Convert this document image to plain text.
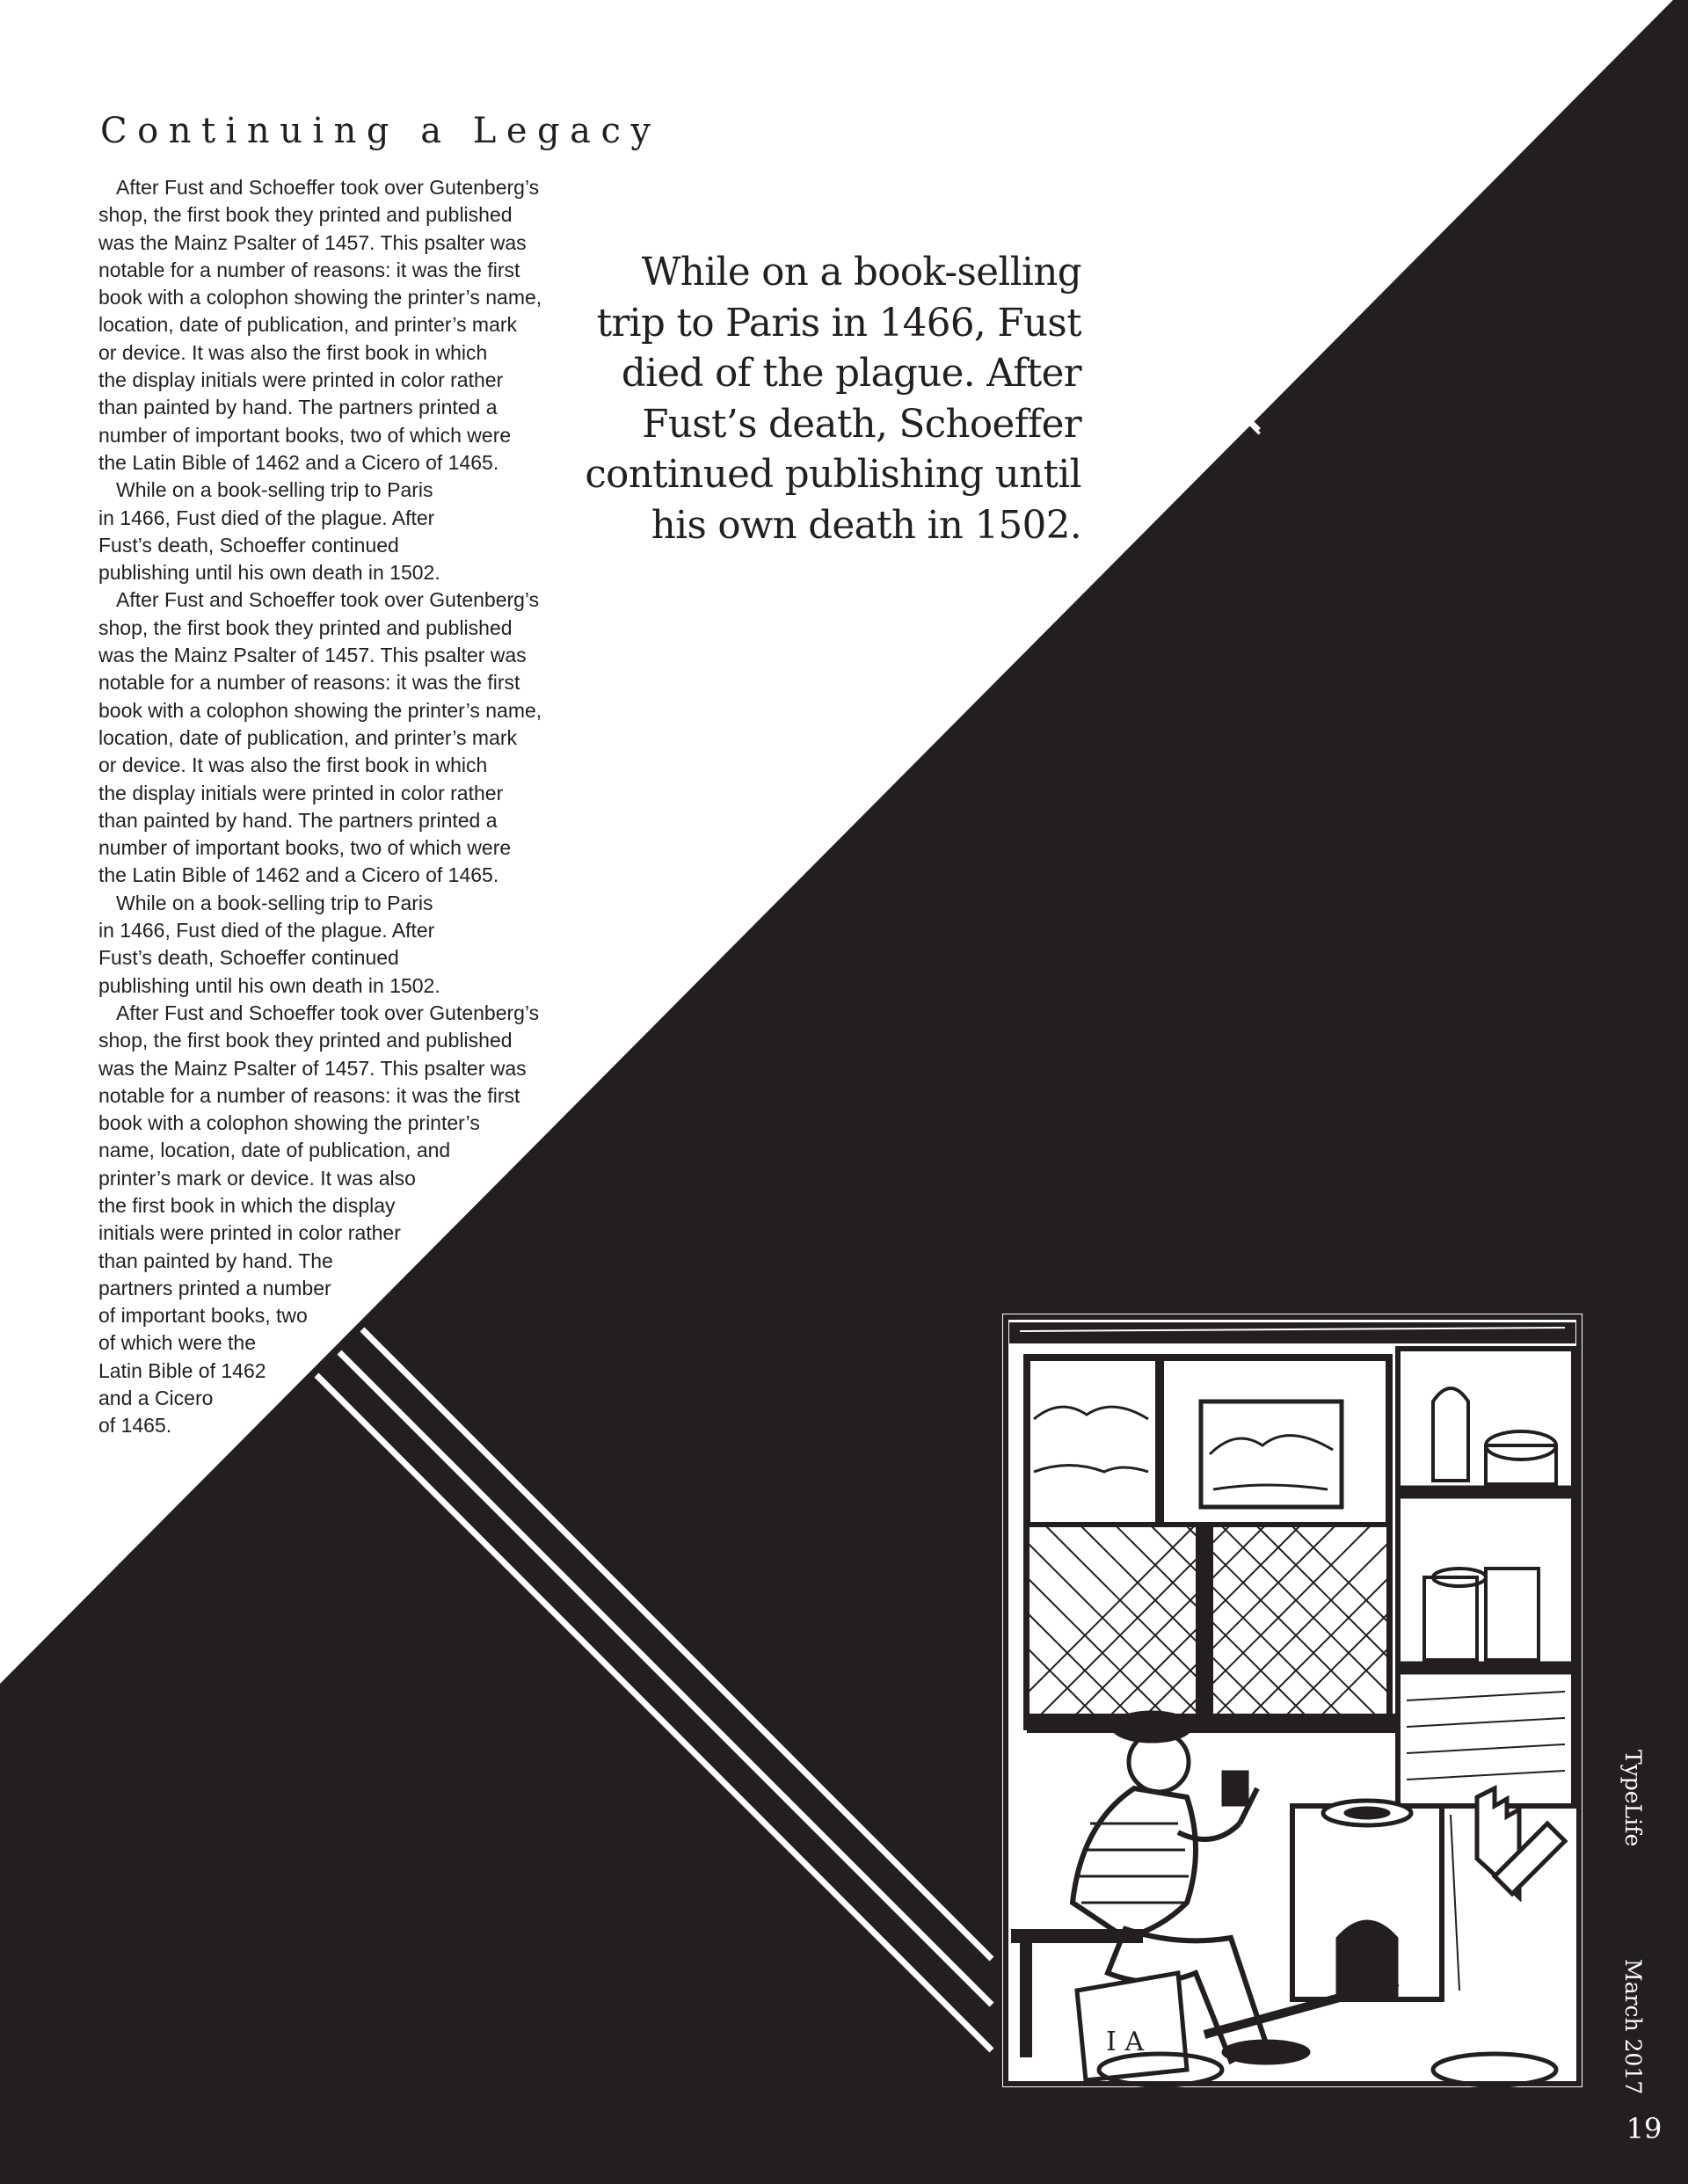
Continuing a Legacy
After Fust and Schoeffer took over Gutenberg’s
shop, the first book they printed and published
was the Mainz Psalter of 1457. This psalter was
notable for a number of reasons: it was the first
book with a colophon showing the printer’s name,
location, date of publication, and printer’s mark
or device. It was also the first book in which
the display initials were printed in color rather
than painted by hand. The partners printed a
number of important books, two of which were
the Latin Bible of 1462 and a Cicero of 1465.
While on a book-selling trip to Paris
in 1466, Fust died of the plague. After
Fust’s death, Schoeffer continued
publishing until his own death in 1502.
After Fust and Schoeffer took over Gutenberg’s
shop, the first book they printed and published
was the Mainz Psalter of 1457. This psalter was
notable for a number of reasons: it was the first
book with a colophon showing the printer’s name,
location, date of publication, and printer’s mark
or device. It was also the first book in which
the display initials were printed in color rather
than painted by hand. The partners printed a
number of important books, two of which were
the Latin Bible of 1462 and a Cicero of 1465.
While on a book-selling trip to Paris
in 1466, Fust died of the plague. After
Fust’s death, Schoeffer continued
publishing until his own death in 1502.
After Fust and Schoeffer took over Gutenberg’s
shop, the first book they printed and published
was the Mainz Psalter of 1457. This psalter was
notable for a number of reasons: it was the first
book with a colophon showing the printer’s
name, location, date of publication, and
printer’s mark or device. It was also
the first book in which the display
initials were printed in color rather
than painted by hand. The
partners printed a number
of important books, two
of which were the
Latin Bible of 1462
and a Cicero
of 1465.
While on a book-selling
trip to Paris in 1466, Fust
died of the plague. After
Fust’s death, Schoeffer
continued publishing until
his own death in 1502.
I A
TypeLife
March 2017
19
